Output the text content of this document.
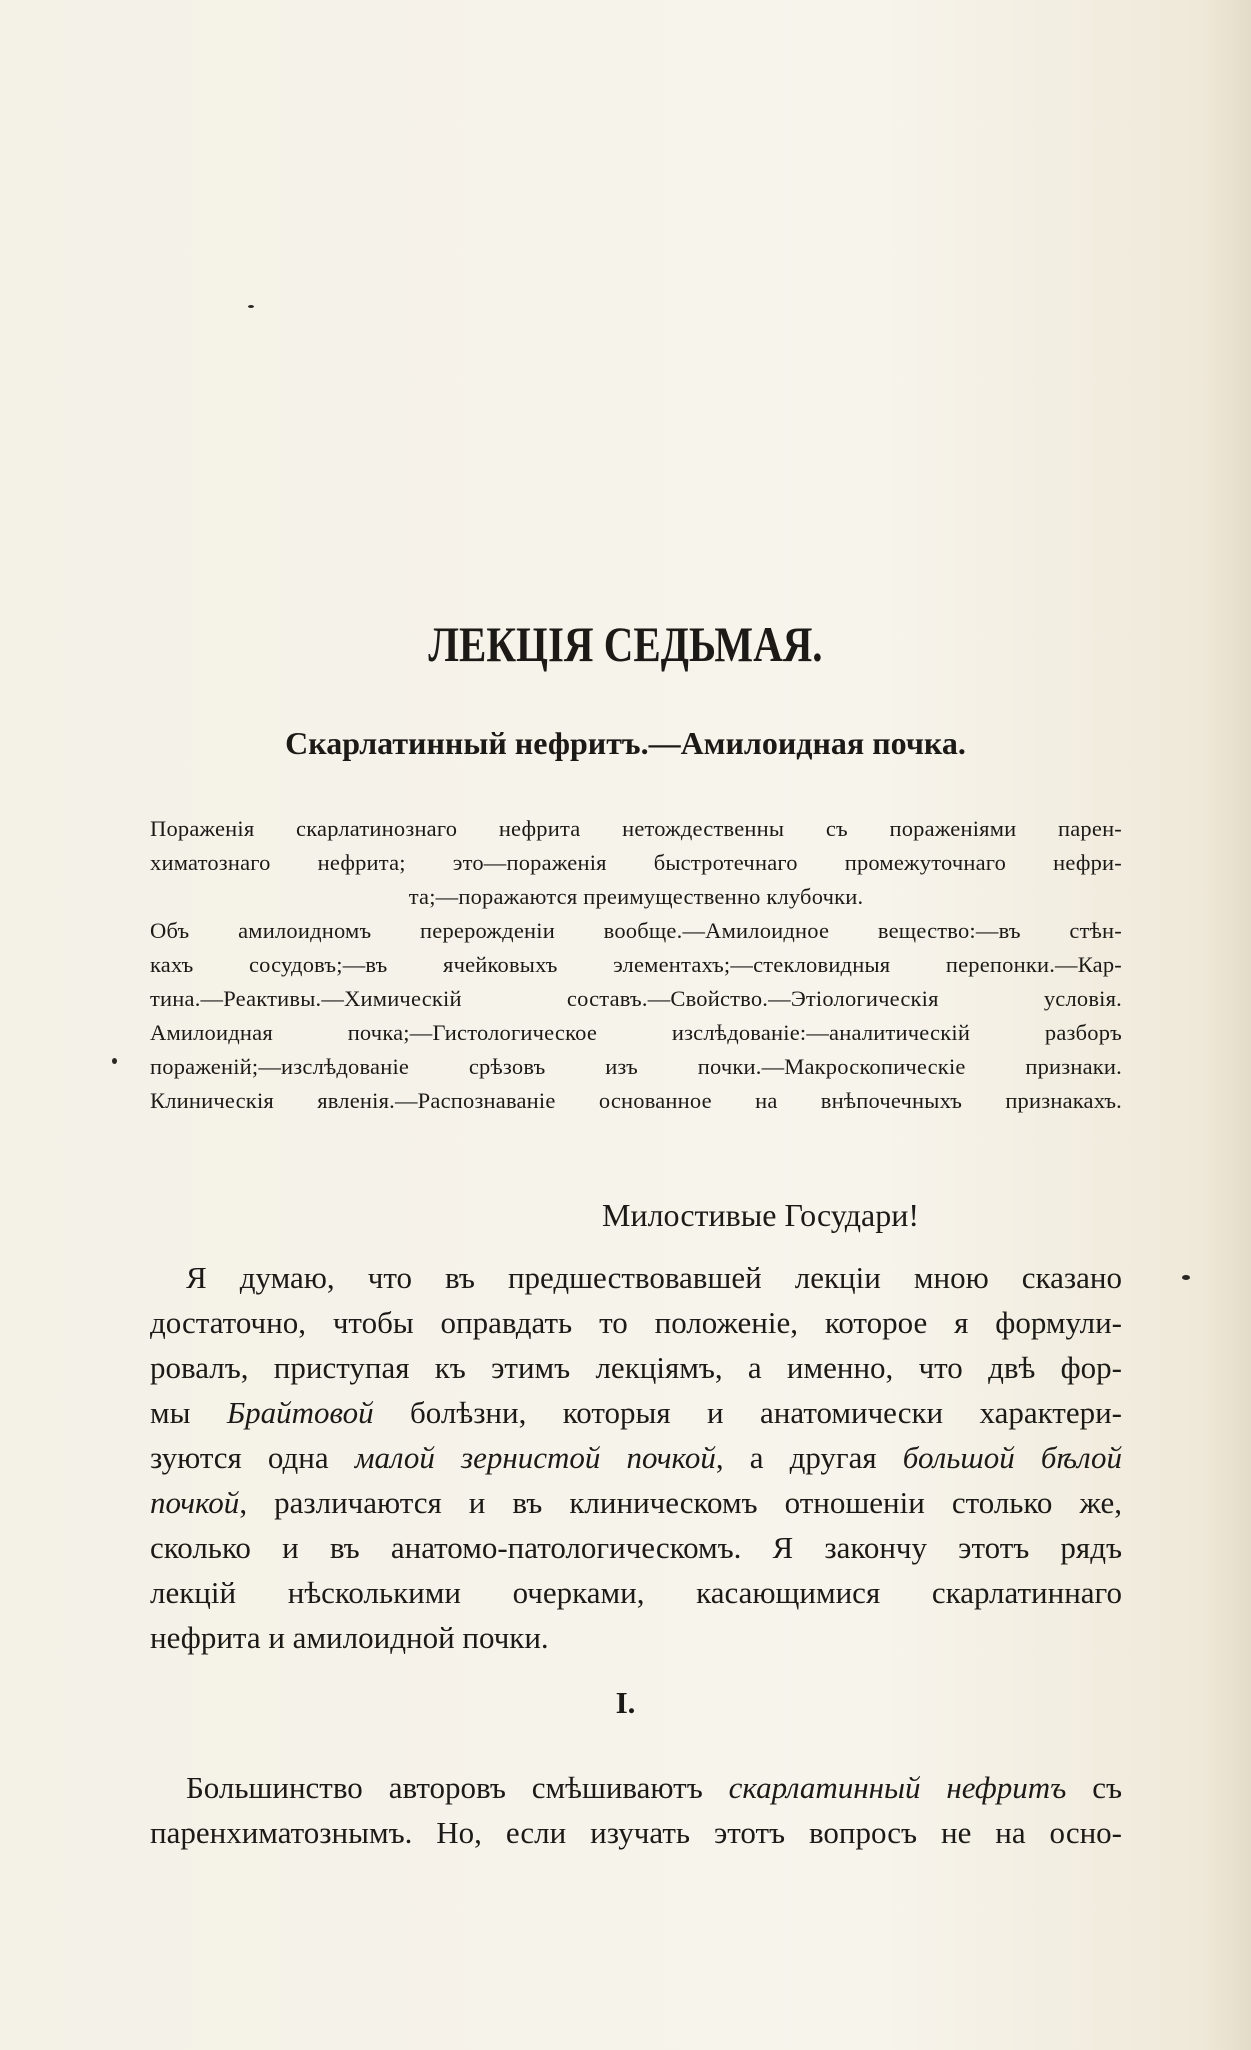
ЛЕКЦІЯ СЕДЬМАЯ.
Скарлатинный нефритъ.—Амилоидная почка.
Пораженія скарлатинознаго нефрита нетождественны съ пораженіями парен-
химатознаго нефрита; это—пораженія быстротечнаго промежуточнаго нефри-
та;—поражаются преимущественно клубочки.
Объ амилоидномъ перерожденіи вообще.—Амилоидное вещество:—въ стѣн-
кахъ сосудовъ;—въ ячейковыхъ элементахъ;—стекловидныя перепонки.—Кар-
тина.—Реактивы.—Химическій составъ.—Свойство.—Этіологическія условія.
Амилоидная почка;—Гистологическое изслѣдованіе:—аналитическій разборъ
пораженій;—изслѣдованіе срѣзовъ изъ почки.—Макроскопическіе признаки.
Клиническія явленія.—Распознаваніе основанное на внѣпочечныхъ признакахъ.
Милостивые Государи!
Я думаю, что въ предшествовавшей лекціи мною сказано
достаточно, чтобы оправдать то положеніе, которое я формули-
ровалъ, приступая къ этимъ лекціямъ, а именно, что двѣ фор-
мы Брайтовой болѣзни, которыя и анатомически характери-
зуются одна малой зернистой почкой, а другая большой бѣлой
почкой, различаются и въ клиническомъ отношеніи столько же,
сколько и въ анатомо-патологическомъ. Я закончу этотъ рядъ
лекцій нѣсколькими очерками, касающимися скарлатиннаго
нефрита и амилоидной почки.
I.
Большинство авторовъ смѣшиваютъ скарлатинный нефритъ съ
паренхиматознымъ. Но, если изучать этотъ вопросъ не на осно-
